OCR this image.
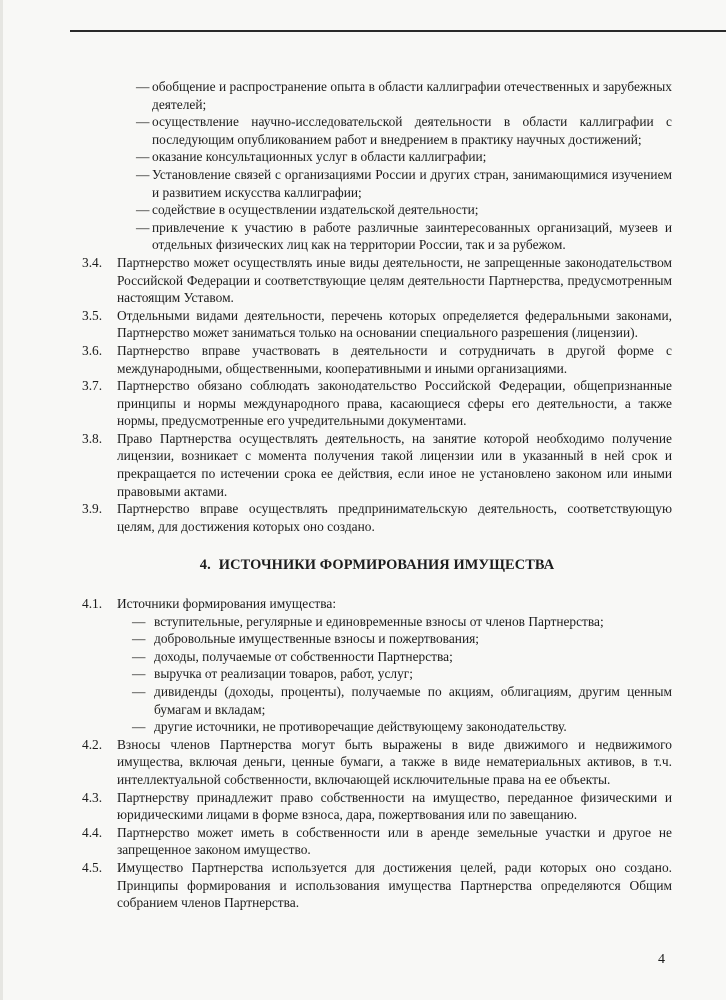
— обобщение и распространение опыта в области каллиграфии отечественных и зарубежных деятелей;

— осуществление научно-исследовательской деятельности в области каллиграфии с последующим опубликованием работ и внедрением в практику научных достижений;

— оказание консультационных услуг в области каллиграфии;

— Установление связей с организациями России и других стран, занимающимися изучением и развитием искусства каллиграфии;

— содействие в осуществлении издательской деятельности;

— привлечение к участию в работе различные заинтересованных организаций, музеев и отдельных физических лиц как на территории России, так и за рубежом.

3.4. Партнерство может осуществлять иные виды деятельности, не запрещенные законодательством Российской Федерации и соответствующие целям деятельности Партнерства, предусмотренным настоящим Уставом.

3.5. Отдельными видами деятельности, перечень которых определяется федеральными законами, Партнерство может заниматься только на основании специального разрешения (лицензии).

3.6. Партнерство вправе участвовать в деятельности и сотрудничать в другой форме с международными, общественными, кооперативными и иными организациями.

3.7. Партнерство обязано соблюдать законодательство Российской Федерации, общепризнанные принципы и нормы международного права, касающиеся сферы его деятельности, а также нормы, предусмотренные его учредительными документами.

3.8. Право Партнерства осуществлять деятельность, на занятие которой необходимо получение лицензии, возникает с момента получения такой лицензии или в указанный в ней срок и прекращается по истечении срока ее действия, если иное не установлено законом или иными правовыми актами.

3.9. Партнерство вправе осуществлять предпринимательскую деятельность, соответствующую целям, для достижения которых оно создано.

4. ИСТОЧНИКИ ФОРМИРОВАНИЯ ИМУЩЕСТВА

4.1. Источники формирования имущества:

— вступительные, регулярные и единовременные взносы от членов Партнерства;

— добровольные имущественные взносы и пожертвования;

— доходы, получаемые от собственности Партнерства;

— выручка от реализации товаров, работ, услуг;

— дивиденды (доходы, проценты), получаемые по акциям, облигациям, другим ценным бумагам и вкладам;

— другие источники, не противоречащие действующему законодательству.

4.2. Взносы членов Партнерства могут быть выражены в виде движимого и недвижимого имущества, включая деньги, ценные бумаги, а также в виде нематериальных активов, в т.ч. интеллектуальной собственности, включающей исключительные права на ее объекты.

4.3. Партнерству принадлежит право собственности на имущество, переданное физическими и юридическими лицами в форме взноса, дара, пожертвования или по завещанию.

4.4. Партнерство может иметь в собственности или в аренде земельные участки и другое не запрещенное законом имущество.

4.5. Имущество Партнерства используется для достижения целей, ради которых оно создано. Принципы формирования и использования имущества Партнерства определяются Общим собранием членов Партнерства.

4
